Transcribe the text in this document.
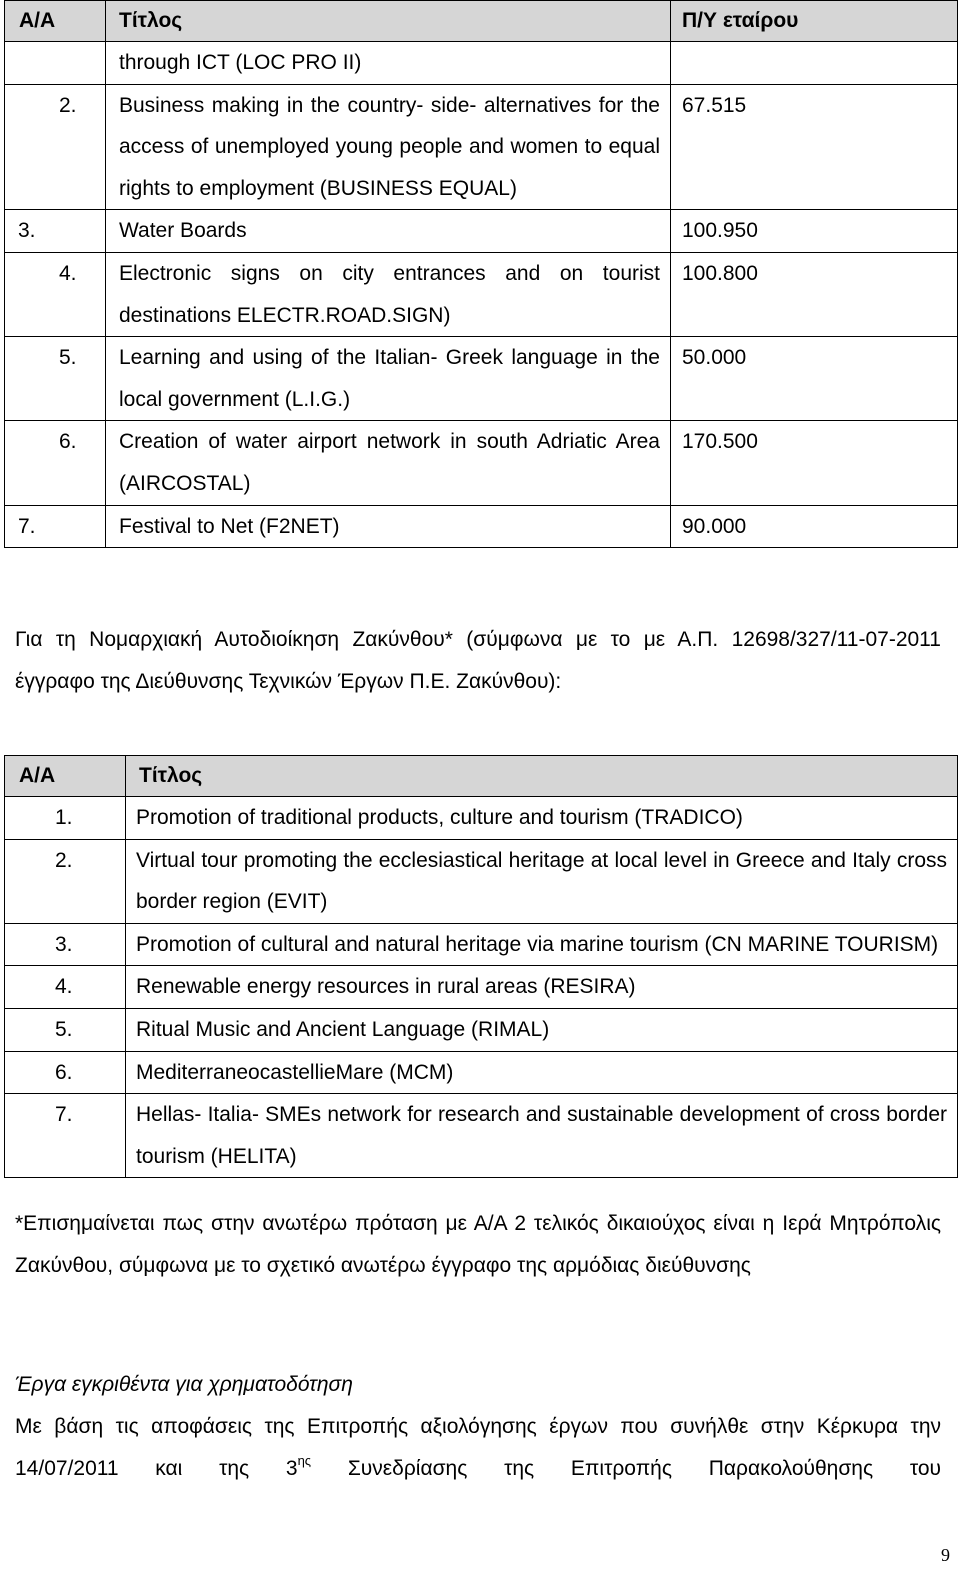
Α/Α	Τίτλος	Π/Υ εταίρου
	through ICT (LOC PRO II)	
2.	Business making in the country- side- alternatives for the access of unemployed young people and women to equal rights to employment (BUSINESS EQUAL)	67.515
3.	Water Boards	100.950
4.	Electronic signs on city entrances and on tourist destinations ELECTR.ROAD.SIGN)	100.800
5.	Learning and using of the Italian- Greek language in the local government (L.I.G.)	50.000
6.	Creation of water airport network in south Adriatic Area (AIRCOSTAL)	170.500
7.	Festival to Net (F2NET)	90.000
Για τη Νομαρχιακή Αυτοδιοίκηση Ζακύνθου* (σύμφωνα με το με Α.Π. 12698/327/11-07-2011 έγγραφο της Διεύθυνσης Τεχνικών Έργων Π.Ε. Ζακύνθου):
Α/Α	Τίτλος
1.	Promotion of traditional products, culture and tourism (TRADICO)
2.	Virtual tour promoting the ecclesiastical heritage at local level in Greece and Italy cross border region (EVIT)
3.	Promotion of cultural and natural heritage via marine tourism (CN MARINE TOURISM)
4.	Renewable energy resources in rural areas (RESIRA)
5.	Ritual Music and Ancient Language (RIMAL)
6.	MediterraneocastellieMare (MCM)
7.	Hellas- Italia- SMEs network for research and sustainable development of cross border tourism (HELITA)
*Επισημαίνεται πως στην ανωτέρω πρόταση με Α/Α 2 τελικός δικαιούχος είναι η Ιερά Μητρόπολις Ζακύνθου, σύμφωνα με το σχετικό ανωτέρω έγγραφο της αρμόδιας διεύθυνσης
Έργα εγκριθέντα για χρηματοδότηση
Με βάση τις αποφάσεις της Επιτροπής αξιολόγησης έργων που συνήλθε στην Κέρκυρα την 14/07/2011 και της $3^{\eta\varsigma}$ Συνεδρίασης της Επιτροπής Παρακολούθησης του
9
